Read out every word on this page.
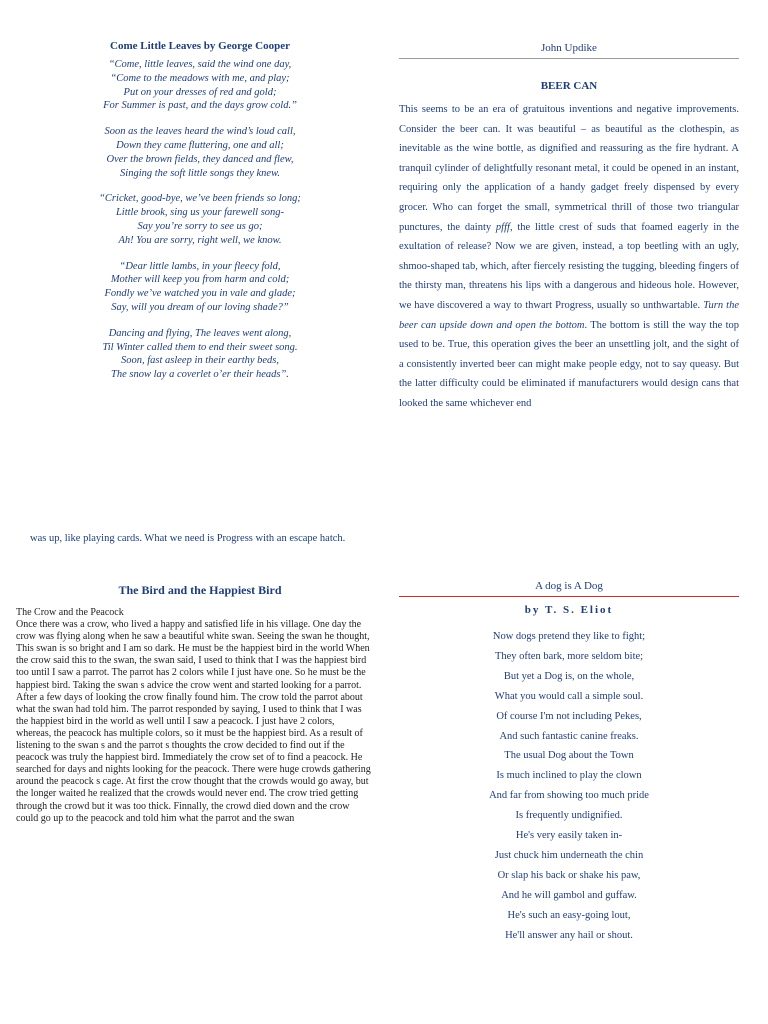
Come Little Leaves by George Cooper
“Come, little leaves, said the wind one day,
“Come to the meadows with me, and play;
Put on your dresses of red and gold;
For Summer is past, and the days grow cold.”
Soon as the leaves heard the wind’s loud call,
Down they came fluttering, one and all;
Over the brown fields, they danced and flew,
Singing the soft little songs they knew.
“Cricket, good-bye, we’ve been friends so long;
Little brook, sing us your farewell song-
Say you’re sorry to see us go;
Ah! You are sorry, right well, we know.
“Dear little lambs, in your fleecy fold,
Mother will keep you from harm and cold;
Fondly we’ve watched you in vale and glade;
Say, will you dream of our loving shade?”
Dancing and flying, The leaves went along,
Til Winter called them to end their sweet song.
Soon, fast asleep in their earthy beds,
The snow lay a coverlet o’er their heads”.
John Updike
BEER CAN

This seems to be an era of gratuitous inventions and negative improvements. Consider the beer can. It was beautiful – as beautiful as the clothespin, as inevitable as the wine bottle, as dignified and reassuring as the fire hydrant. A tranquil cylinder of delightfully resonant metal, it could be opened in an instant, requiring only the application of a handy gadget freely dispensed by every grocer. Who can forget the small, symmetrical thrill of those two triangular punctures, the dainty pfff, the little crest of suds that foamed eagerly in the exultation of release? Now we are given, instead, a top beetling with an ugly, shmoo-shaped tab, which, after fiercely resisting the tugging, bleeding fingers of the thirsty man, threatens his lips with a dangerous and hideous hole. However, we have discovered a way to thwart Progress, usually so unthwartable. Turn the beer can upside down and open the bottom. The bottom is still the way the top used to be. True, this operation gives the beer an unsettling jolt, and the sight of a consistently inverted beer can might make people edgy, not to say queasy. But the latter difficulty could be eliminated if manufacturers would design cans that looked the same whichever end

was up, like playing cards. What we need is Progress with an escape hatch.

The Bird and the Happiest Bird
The Crow and the Peacock

Once there was a crow, who lived a happy and satisfied life in his village. One day the crow was flying along when he saw a beautiful white swan. Seeing the swan he thought, This swan is so bright and I am so dark. He must be the happiest bird in the world When the crow said this to the swan, the swan said, I used to think that I was the happiest bird too until I saw a parrot. The parrot has 2 colors while I just have one. So he must be the happiest bird. Taking the swan s advice the crow went and started looking for a parrot. After a few days of looking the crow finally found him. The crow told the parrot about what the swan had told him. The parrot responded by saying, I used to think that I was the happiest bird in the world as well until I saw a peacock. I just have 2 colors, whereas, the peacock has multiple colors, so it must be the happiest bird. As a result of listening to the swan s and the parrot s thoughts the crow decided to find out if the peacock was truly the happiest bird. Immediately the crow set of to find a peacock. He searched for days and nights looking for the peacock. There were huge crowds gathering around the peacock s cage. At first the crow thought that the crowds would go away, but the longer waited he realized that the crowds would never end. The crow tried getting through the crowd but it was too thick. Finnally, the crowd died down and the crow could go up to the peacock and told him what the parrot and the swan

A dog is A Dog
by T. S. Eliot
Now dogs pretend they like to fight;
They often bark, more seldom bite;
But yet a Dog is, on the whole,
What you would call a simple soul.
Of course I'm not including Pekes,
And such fantastic canine freaks.
The usual Dog about the Town
Is much inclined to play the clown
And far from showing too much pride
Is frequently undignified.
He's very easily taken in-
Just chuck him underneath the chin
Or slap his back or shake his paw,
And he will gambol and guffaw.
He's such an easy-going lout,
He'll answer any hail or shout.
